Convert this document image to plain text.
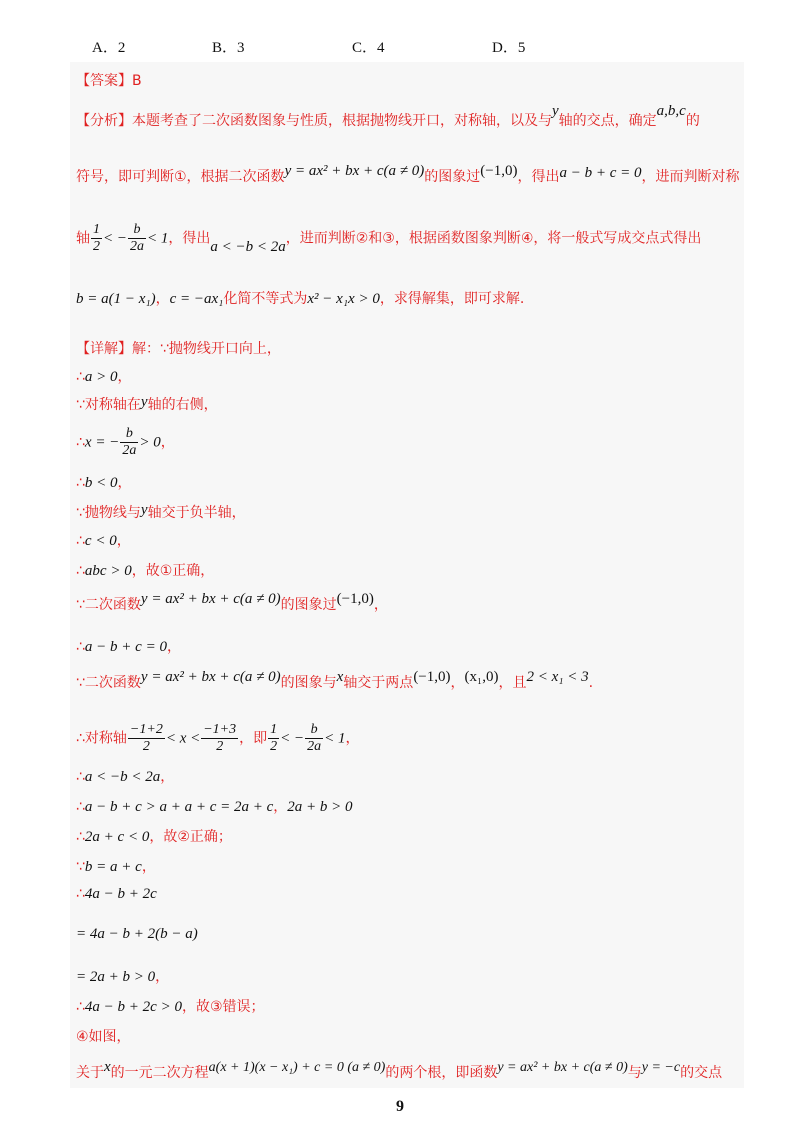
A．2	B．3	C．4	D．5
【答案】B
【分析】本题考查了二次函数图象与性质，根据抛物线开口，对称轴，以及与y轴的交点，确定a,b,c的
符号，即可判断①，根据二次函数y = ax² + bx + c(a ≠ 0)的图象过(−1,0)，得出a − b + c = 0，进而判断对称
轴 $\frac{1}{2}$ < − $\frac{b}{2a} < 1$，得出a < −b < 2a，进而判断②和③，根据函数图象判断④，将一般式写成交点式得出
b = a(1 − x₁)，c = −ax₁化简不等式为x² − x₁x > 0，求得解集，即可求解.
【详解】解：∵抛物线开口向上，
∴a > 0，
∵对称轴在y轴的右侧，
∴x = − $\frac{b}{2a} > 0$，
∴b < 0，
∵抛物线与y轴交于负半轴，
∴c < 0，
∴abc > 0，故①正确，
∵二次函数y = ax² + bx + c(a ≠ 0)的图象过(−1,0)，
∴a − b + c = 0，
∵二次函数y = ax² + bx + c(a ≠ 0)的图象与x轴交于两点(−1,0)，(x₁,0)，且2 < x₁ < 3.
∴对称轴 $\frac{-1+2}{2} < x < \frac{-1+3}{2}$ ，即 $\frac{1}{2}$ < − $\frac{b}{2a} < 1$，
∴a < −b < 2a，
∴a − b + c > a + a + c = 2a + c，2a + b > 0
∴2a + c < 0，故②正确；
∵b = a + c，
∴4a − b + 2c
= 4a − b + 2(b − a)
= 2a + b > 0，
∴4a − b + 2c > 0，故③错误；
④如图，
关于x的一元二次方程a(x + 1)(x − x₁) + c = 0 (a ≠ 0)的两个根，即函数y = ax² + bx + c(a ≠ 0)与y = −c的交点
9
